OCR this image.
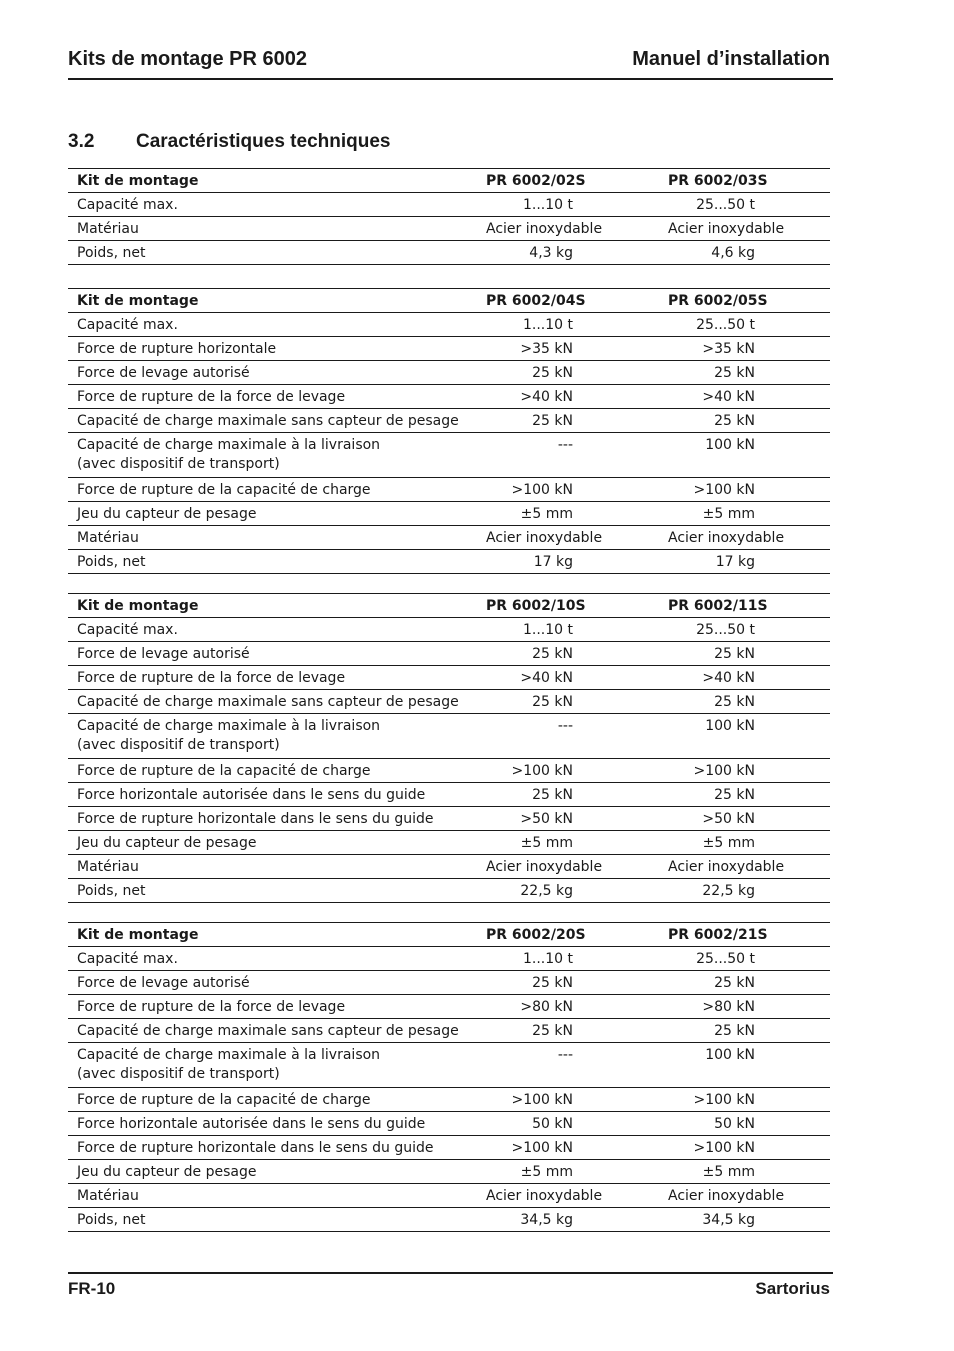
Kits de montage PR 6002	Manuel d’installation
3.2 Caractéristiques techniques
Kit de montage	PR 6002/02S		PR 6002/03S	

Capacité max.	1...10 t		25...50 t	

Matériau	Acier inoxydable		Acier inoxydable	

Poids, net	4,3 kg		4,6 kg	
Kit de montage	PR 6002/04S		PR 6002/05S	

Capacité max.	1...10 t		25...50 t	

Force de rupture horizontale	>35 kN		>35 kN	

Force de levage autorisé	25 kN		25 kN	

Force de rupture de la force de levage	>40 kN		>40 kN	

Capacité de charge maximale sans capteur de pesage	25 kN		25 kN	

Capacité de charge maximale à la livraison
(avec dispositif de transport)	---		100 kN	

Force de rupture de la capacité de charge	>100 kN		>100 kN	

Jeu du capteur de pesage	±5 mm		±5 mm	

Matériau	Acier inoxydable		Acier inoxydable	

Poids, net	17 kg		17 kg	
Kit de montage	PR 6002/10S		PR 6002/11S	

Capacité max.	1...10 t		25...50 t	

Force de levage autorisé	25 kN		25 kN	

Force de rupture de la force de levage	>40 kN		>40 kN	

Capacité de charge maximale sans capteur de pesage	25 kN		25 kN	

Capacité de charge maximale à la livraison
(avec dispositif de transport)	---		100 kN	

Force de rupture de la capacité de charge	>100 kN		>100 kN	

Force horizontale autorisée dans le sens du guide	25 kN		25 kN	

Force de rupture horizontale dans le sens du guide	>50 kN		>50 kN	

Jeu du capteur de pesage	±5 mm		±5 mm	

Matériau	Acier inoxydable		Acier inoxydable	

Poids, net	22,5 kg		22,5 kg	
Kit de montage	PR 6002/20S		PR 6002/21S	

Capacité max.	1...10 t		25...50 t	

Force de levage autorisé	25 kN		25 kN	

Force de rupture de la force de levage	>80 kN		>80 kN	

Capacité de charge maximale sans capteur de pesage	25 kN		25 kN	

Capacité de charge maximale à la livraison
(avec dispositif de transport)	---		100 kN	

Force de rupture de la capacité de charge	>100 kN		>100 kN	

Force horizontale autorisée dans le sens du guide	50 kN		50 kN	

Force de rupture horizontale dans le sens du guide	>100 kN		>100 kN	

Jeu du capteur de pesage	±5 mm		±5 mm	

Matériau	Acier inoxydable		Acier inoxydable	

Poids, net	34,5 kg		34,5 kg	
FR-10	Sartorius
